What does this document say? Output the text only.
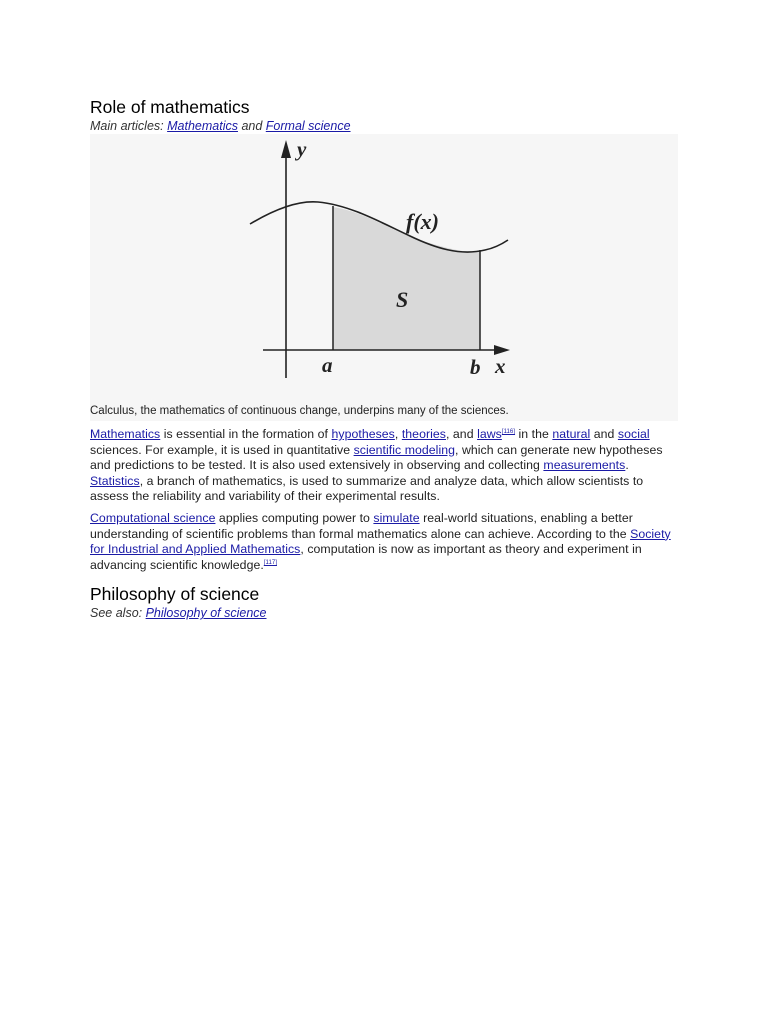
Role of mathematics
Main articles: Mathematics and Formal science
y
x
f(x)
S
a	b
Calculus, the mathematics of continuous change, underpins many of the sciences.

Mathematics is essential in the formation of hypotheses, theories, and laws[116] in the natural and social sciences. For example, it is used in quantitative scientific modeling, which can generate new hypotheses and predictions to be tested. It is also used extensively in observing and collecting measurements. Statistics, a branch of mathematics, is used to summarize and analyze data, which allow scientists to assess the reliability and variability of their experimental results.

Computational science applies computing power to simulate real-world situations, enabling a better understanding of scientific problems than formal mathematics alone can achieve. According to the Society for Industrial and Applied Mathematics, computation is now as important as theory and experiment in advancing scientific knowledge.[117]

Philosophy of science
See also: Philosophy of science
